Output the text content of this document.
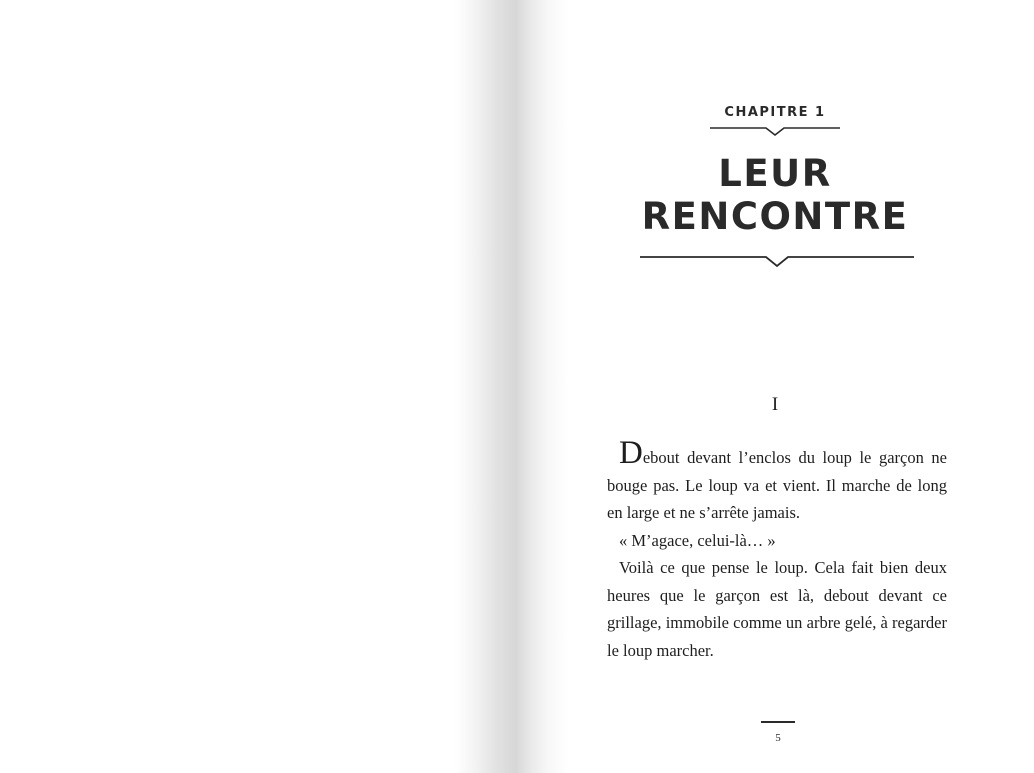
CHAPITRE 1
LEUR
RENCONTRE
I

Debout devant l’enclos du loup le garçon ne bouge pas. Le loup va et vient. Il marche de long en large et ne s’arrête jamais.

« M’agace, celui-là… »

Voilà ce que pense le loup. Cela fait bien deux heures que le garçon est là, debout devant ce grillage, immobile comme un arbre gelé, à regarder le loup marcher.

5
